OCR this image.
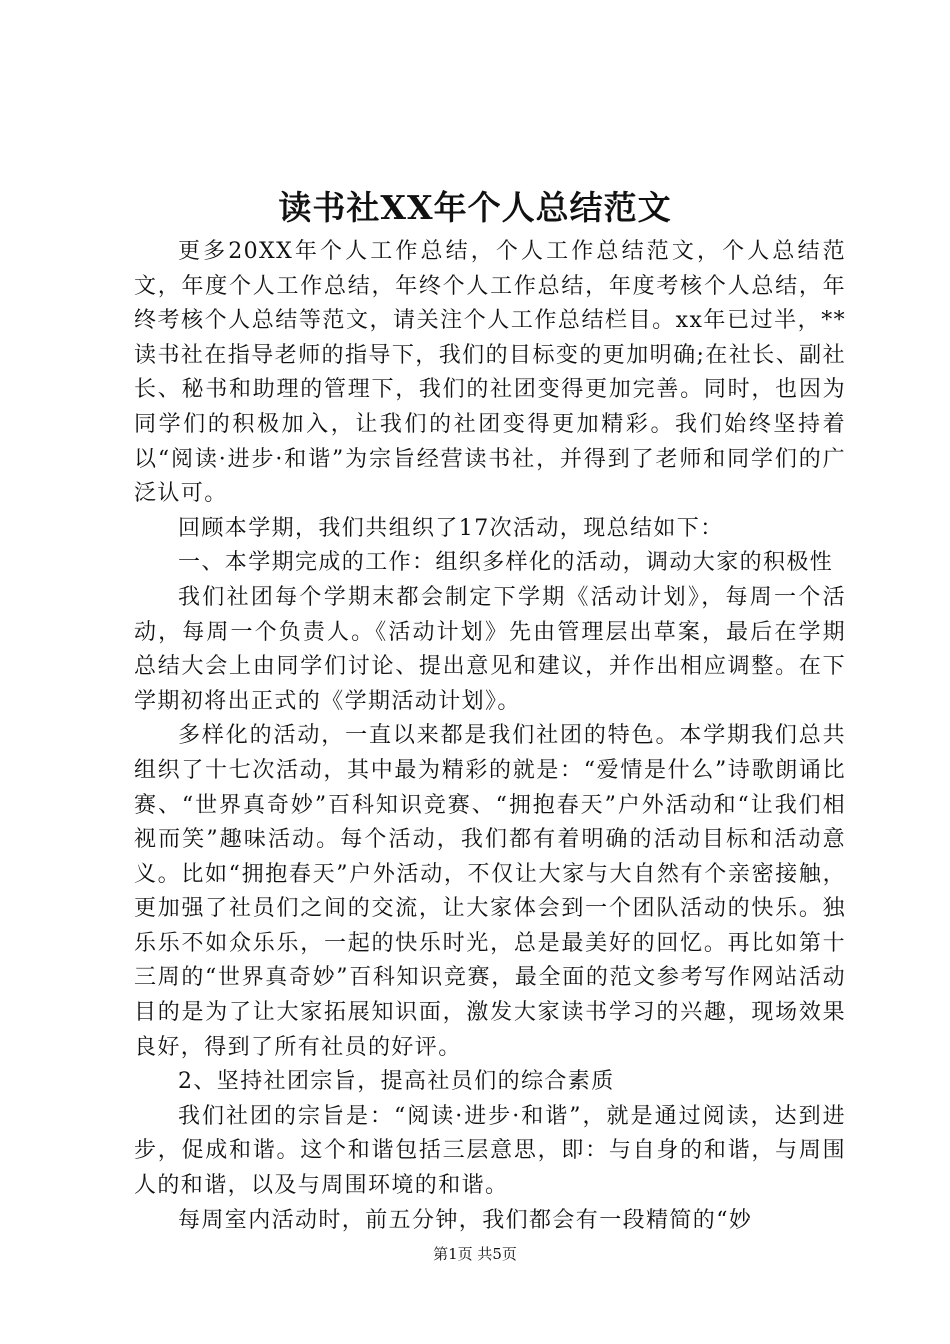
读书社XX年个人总结范文

更多20XX年个人工作总结，个人工作总结范文，个人总结范文，年度个人工作总结，年终个人工作总结，年度考核个人总结，年终考核个人总结等范文，请关注个人工作总结栏目。xx年已过半，**读书社在指导老师的指导下，我们的目标变的更加明确;在社长、副社长、秘书和助理的管理下，我们的社团变得更加完善。同时，也因为同学们的积极加入，让我们的社团变得更加精彩。我们始终坚持着以“阅读·进步·和谐”为宗旨经营读书社，并得到了老师和同学们的广泛认可。

回顾本学期，我们共组织了17次活动，现总结如下：

一、本学期完成的工作：组织多样化的活动，调动大家的积极性

我们社团每个学期末都会制定下学期《活动计划》，每周一个活动，每周一个负责人。《活动计划》先由管理层出草案，最后在学期总结大会上由同学们讨论、提出意见和建议，并作出相应调整。在下学期初将出正式的《学期活动计划》。

多样化的活动，一直以来都是我们社团的特色。本学期我们总共组织了十七次活动，其中最为精彩的就是：“爱情是什么”诗歌朗诵比赛、“世界真奇妙”百科知识竞赛、“拥抱春天”户外活动和“让我们相视而笑”趣味活动。每个活动，我们都有着明确的活动目标和活动意义。比如“拥抱春天”户外活动，不仅让大家与大自然有个亲密接触，更加强了社员们之间的交流，让大家体会到一个团队活动的快乐。独乐乐不如众乐乐，一起的快乐时光，总是最美好的回忆。再比如第十三周的“世界真奇妙”百科知识竞赛，最全面的范文参考写作网站活动目的是为了让大家拓展知识面，激发大家读书学习的兴趣，现场效果良好，得到了所有社员的好评。

2、坚持社团宗旨，提高社员们的综合素质

我们社团的宗旨是：“阅读·进步·和谐”，就是通过阅读，达到进步，促成和谐。这个和谐包括三层意思，即：与自身的和谐，与周围人的和谐，以及与周围环境的和谐。

每周室内活动时，前五分钟，我们都会有一段精简的“妙

第1页 共5页
